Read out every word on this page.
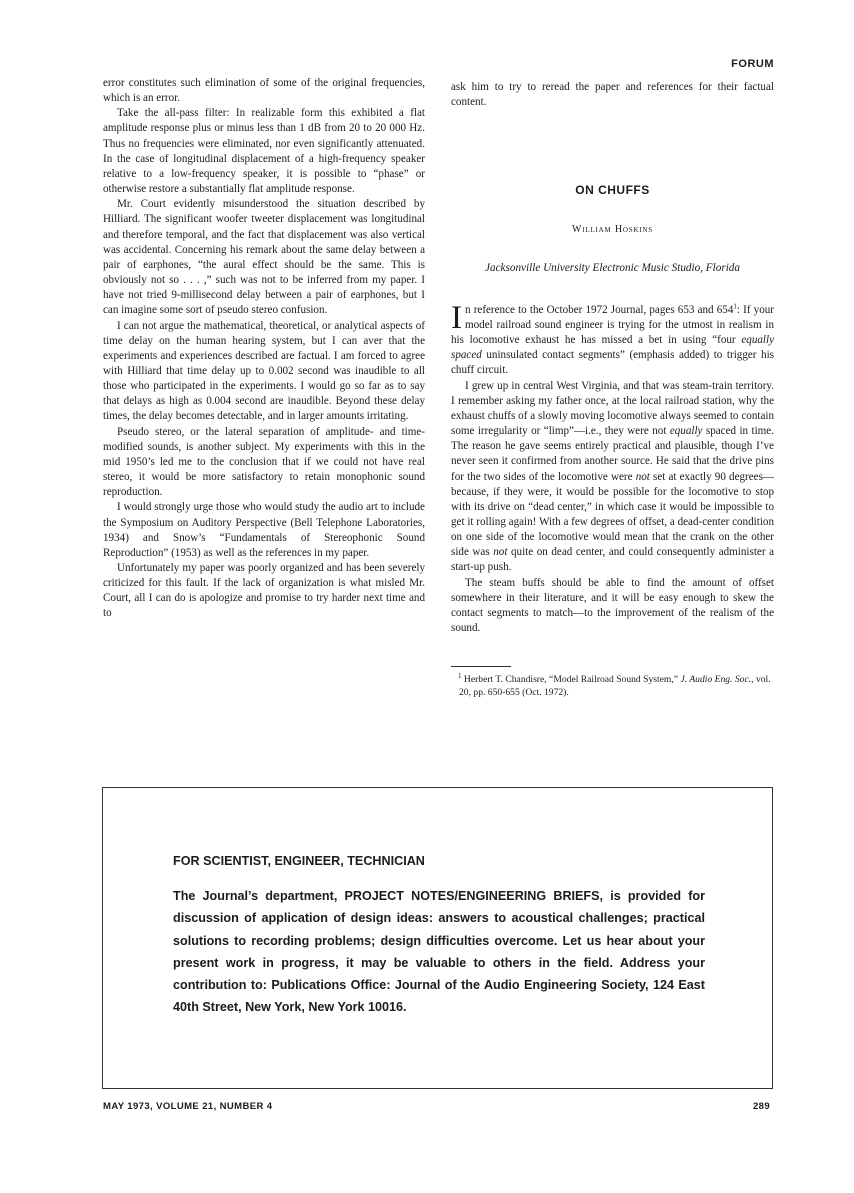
FORUM

error constitutes such elimination of some of the original frequencies, which is an error.

Take the all-pass filter: In realizable form this exhibited a flat amplitude response plus or minus less than 1 dB from 20 to 20 000 Hz. Thus no frequencies were eliminated, nor even significantly attenuated. In the case of longitudinal displacement of a high-frequency speaker relative to a low-frequency speaker, it is possible to “phase” or otherwise restore a substantially flat amplitude response.

Mr. Court evidently misunderstood the situation described by Hilliard. The significant woofer tweeter displacement was longitudinal and therefore temporal, and the fact that displacement was also vertical was accidental. Concerning his remark about the same delay between a pair of earphones, “the aural effect should be the same. This is obviously not so . . . ,” such was not to be inferred from my paper. I have not tried 9-millisecond delay between a pair of earphones, but I can imagine some sort of pseudo stereo confusion.

I can not argue the mathematical, theoretical, or analytical aspects of time delay on the human hearing system, but I can aver that the experiments and experiences described are factual. I am forced to agree with Hilliard that time delay up to 0.002 second was inaudible to all those who participated in the experiments. I would go so far as to say that delays as high as 0.004 second are inaudible. Beyond these delay times, the delay becomes detectable, and in larger amounts irritating.

Pseudo stereo, or the lateral separation of amplitude- and time-modified sounds, is another subject. My experiments with this in the mid 1950’s led me to the conclusion that if we could not have real stereo, it would be more satisfactory to retain monophonic sound reproduction.

I would strongly urge those who would study the audio art to include the Symposium on Auditory Perspective (Bell Telephone Laboratories, 1934) and Snow’s “Fundamentals of Stereophonic Sound Reproduction” (1953) as well as the references in my paper.

Unfortunately my paper was poorly organized and has been severely criticized for this fault. If the lack of organization is what misled Mr. Court, all I can do is apologize and promise to try harder next time and to

ask him to try to reread the paper and references for their factual content.

ON CHUFFS
William Hoskins
Jacksonville University Electronic Music Studio, Florida

In reference to the October 1972 Journal, pages 653 and $654^1$: If your model railroad sound engineer is trying for the utmost in realism in his locomotive exhaust he has missed a bet in using “four equally spaced uninsulated contact segments” (emphasis added) to trigger his chuff circuit.

I grew up in central West Virginia, and that was steam-train territory. I remember asking my father once, at the local railroad station, why the exhaust chuffs of a slowly moving locomotive always seemed to contain some irregularity or “limp”—i.e., they were not equally spaced in time. The reason he gave seems entirely practical and plausible, though I’ve never seen it confirmed from another source. He said that the drive pins for the two sides of the locomotive were not set at exactly 90 degrees—because, if they were, it would be possible for the locomotive to stop with its drive on “dead center,” in which case it would be impossible to get it rolling again! With a few degrees of offset, a dead-center condition on one side of the locomotive would mean that the crank on the other side was not quite on dead center, and could consequently administer a start-up push.

The steam buffs should be able to find the amount of offset somewhere in their literature, and it will be easy enough to skew the contact segments to match—to the improvement of the realism of the sound.

$^1$ Herbert T. Chandisre, “Model Railroad Sound System,” J. Audio Eng. Soc., vol. 20, pp. 650-655 (Oct. 1972).

FOR SCIENTIST, ENGINEER, TECHNICIAN
The Journal’s department, PROJECT NOTES/ENGINEERING BRIEFS, is provided for discussion of application of design ideas: answers to acoustical challenges; practical solutions to recording problems; design difficulties overcome. Let us hear about your present work in progress, it may be valuable to others in the field. Address your contribution to: Publications Office: Journal of the Audio Engineering Society, 124 East 40th Street, New York, New York 10016.
MAY 1973, VOLUME 21, NUMBER 4	289
